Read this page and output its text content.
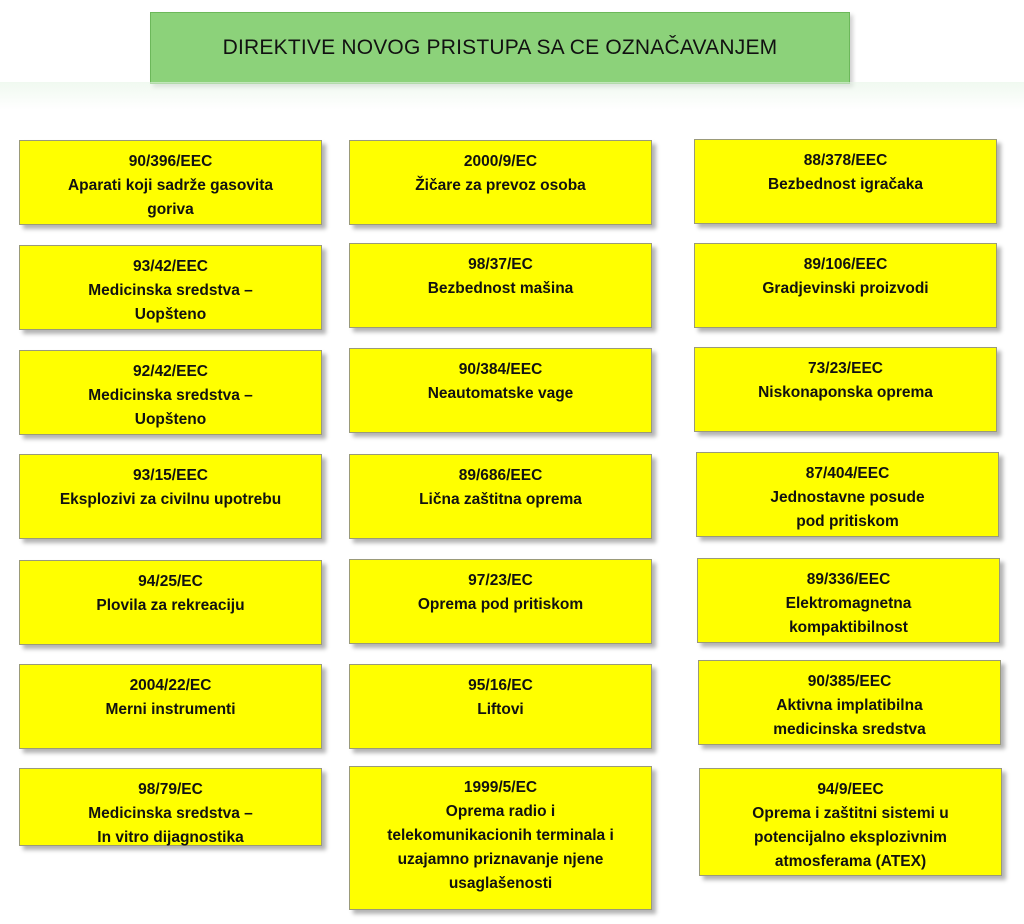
DIREKTIVE NOVOG PRISTUPA SA CE OZNAČAVANJEM
90/396/EEC
Aparati koji sadrže gasovita
goriva
93/42/EEC
Medicinska sredstva –
Uopšteno
92/42/EEC
Medicinska sredstva –
Uopšteno
93/15/EEC
Eksplozivi za civilnu upotrebu
94/25/EC
Plovila za rekreaciju
2004/22/EC
Merni instrumenti
98/79/EC
Medicinska sredstva –
In vitro dijagnostika
2000/9/EC
Žičare za prevoz osoba
98/37/EC
Bezbednost mašina
90/384/EEC
Neautomatske vage
89/686/EEC
Lična zaštitna oprema
97/23/EC
Oprema pod pritiskom
95/16/EC
Liftovi
1999/5/EC
Oprema radio i
telekomunikacionih terminala i
uzajamno priznavanje njene
usaglašenosti
88/378/EEC
Bezbednost igračaka
89/106/EEC
Gradjevinski proizvodi
73/23/EEC
Niskonaponska oprema
87/404/EEC
Jednostavne posude
pod pritiskom
89/336/EEC
Elektromagnetna
kompaktibilnost
90/385/EEC
Aktivna implatibilna
medicinska sredstva
94/9/EEC
Oprema i zaštitni sistemi u
potencijalno eksplozivnim
atmosferama (ATEX)
